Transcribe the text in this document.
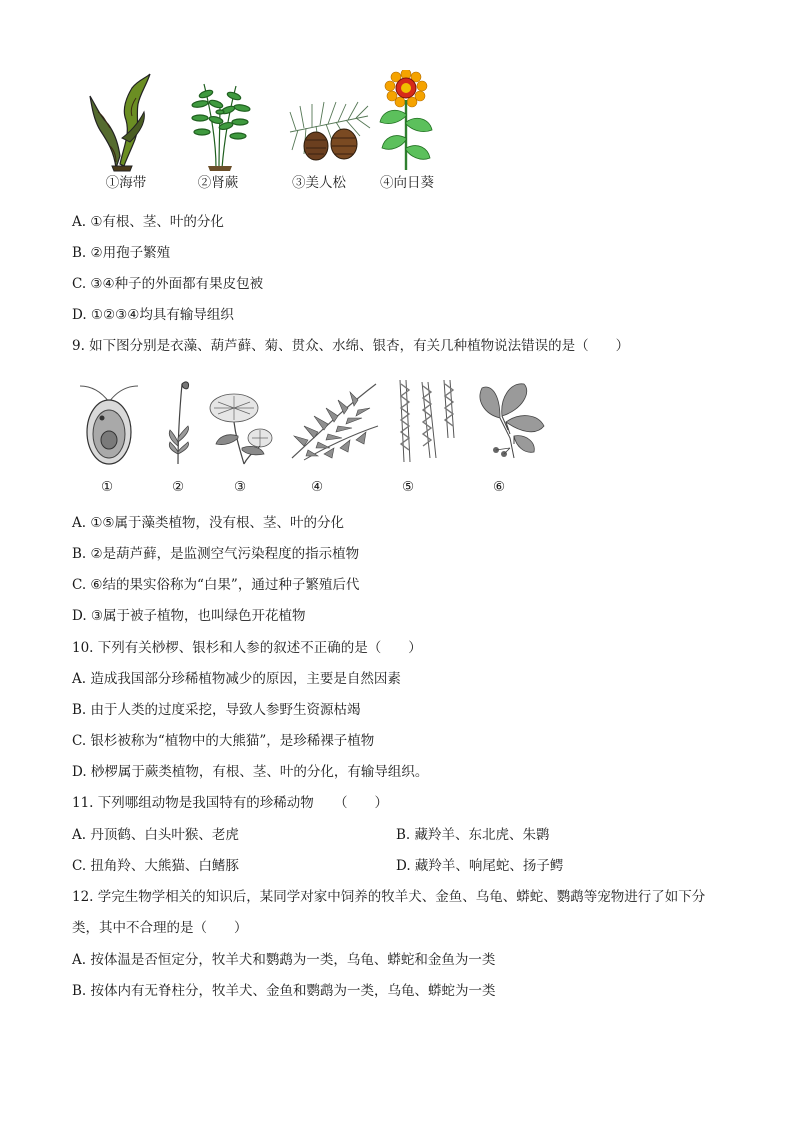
①海带	②肾蕨	③美人松	④向日葵
A. ①有根、茎、叶的分化
B. ②用孢子繁殖
C. ③④种子的外面都有果皮包被
D. ①②③④均具有输导组织
9. 如下图分别是衣藻、葫芦藓、菊、贯众、水绵、银杏，有关几种植物说法错误的是（　　）
①	②	③	④	⑤	⑥
A. ①⑤属于藻类植物，没有根、茎、叶的分化
B. ②是葫芦藓，是监测空气污染程度的指示植物
C. ⑥结的果实俗称为“白果”，通过种子繁殖后代
D. ③属于被子植物，也叫绿色开花植物
10. 下列有关桫椤、银杉和人参的叙述不正确的是（　　）
A. 造成我国部分珍稀植物减少的原因，主要是自然因素
B. 由于人类的过度采挖，导致人参野生资源枯竭
C. 银杉被称为“植物中的大熊猫”，是珍稀裸子植物
D. 桫椤属于蕨类植物，有根、茎、叶的分化，有输导组织。
11. 下列哪组动物是我国特有的珍稀动物　　（　　）
A. 丹顶鹤、白头叶猴、老虎	B. 藏羚羊、东北虎、朱鹮
C. 扭角羚、大熊猫、白鳍豚	D. 藏羚羊、响尾蛇、扬子鳄
12. 学完生物学相关的知识后，某同学对家中饲养的牧羊犬、金鱼、乌龟、蟒蛇、鹦鹉等宠物进行了如下分
类，其中不合理的是（　　）
A. 按体温是否恒定分，牧羊犬和鹦鹉为一类，乌龟、蟒蛇和金鱼为一类
B. 按体内有无脊柱分，牧羊犬、金鱼和鹦鹉为一类，乌龟、蟒蛇为一类
